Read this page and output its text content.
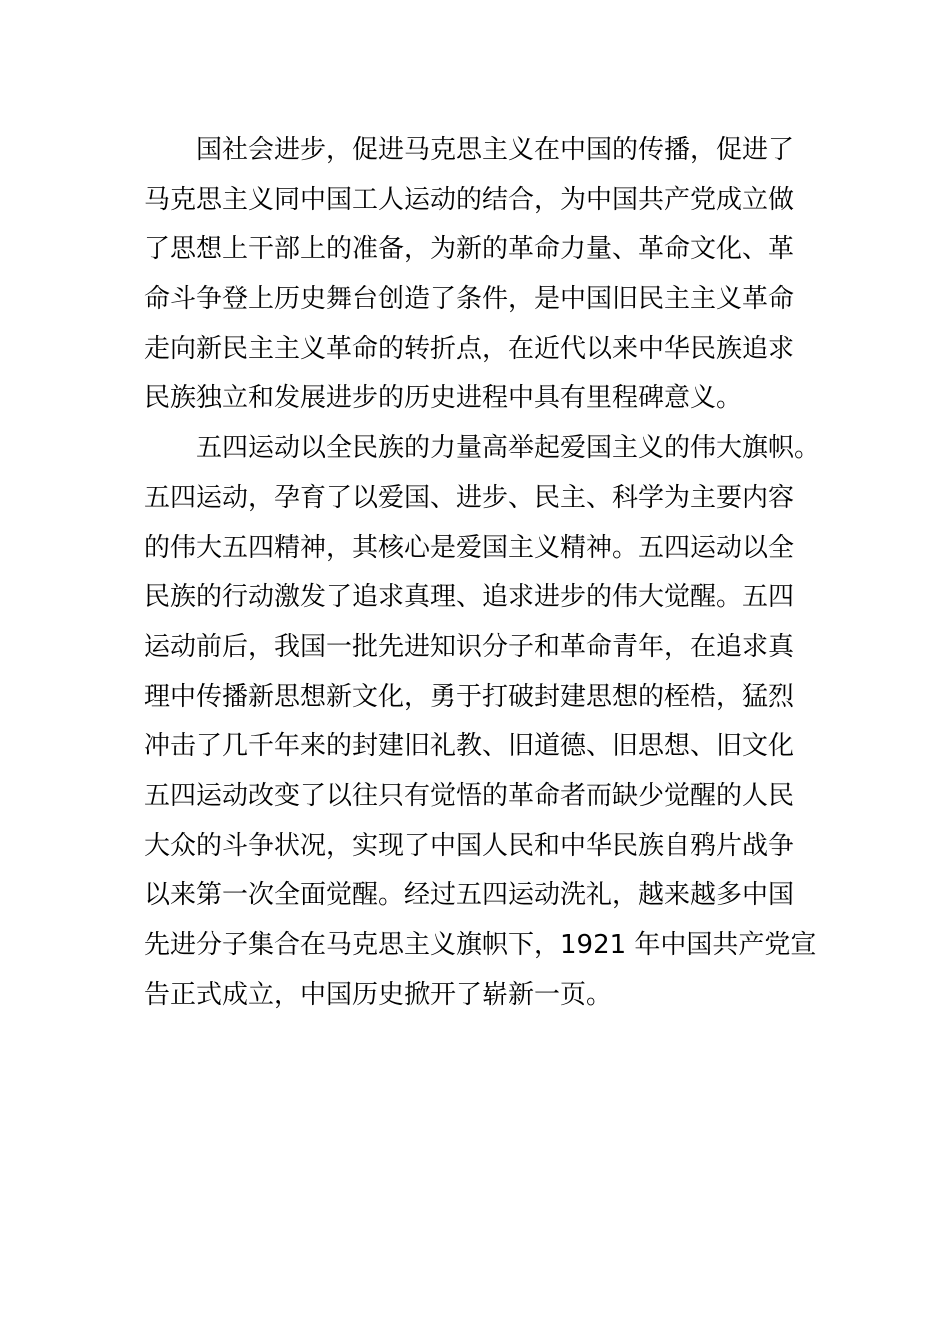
国社会进步，促进马克思主义在中国的传播，促进了
马克思主义同中国工人运动的结合，为中国共产党成立做
了思想上干部上的准备，为新的革命力量、革命文化、革
命斗争登上历史舞台创造了条件，是中国旧民主主义革命
走向新民主主义革命的转折点，在近代以来中华民族追求
民族独立和发展进步的历史进程中具有里程碑意义。
五四运动以全民族的力量高举起爱国主义的伟大旗帜。
五四运动，孕育了以爱国、进步、民主、科学为主要内容
的伟大五四精神，其核心是爱国主义精神。五四运动以全
民族的行动激发了追求真理、追求进步的伟大觉醒。五四
运动前后，我国一批先进知识分子和革命青年，在追求真
理中传播新思想新文化，勇于打破封建思想的桎梏，猛烈
冲击了几千年来的封建旧礼教、旧道德、旧思想、旧文化
五四运动改变了以往只有觉悟的革命者而缺少觉醒的人民
大众的斗争状况，实现了中国人民和中华民族自鸦片战争
以来第一次全面觉醒。经过五四运动洗礼，越来越多中国
先进分子集合在马克思主义旗帜下，1921 年中国共产党宣
告正式成立，中国历史掀开了崭新一页。
